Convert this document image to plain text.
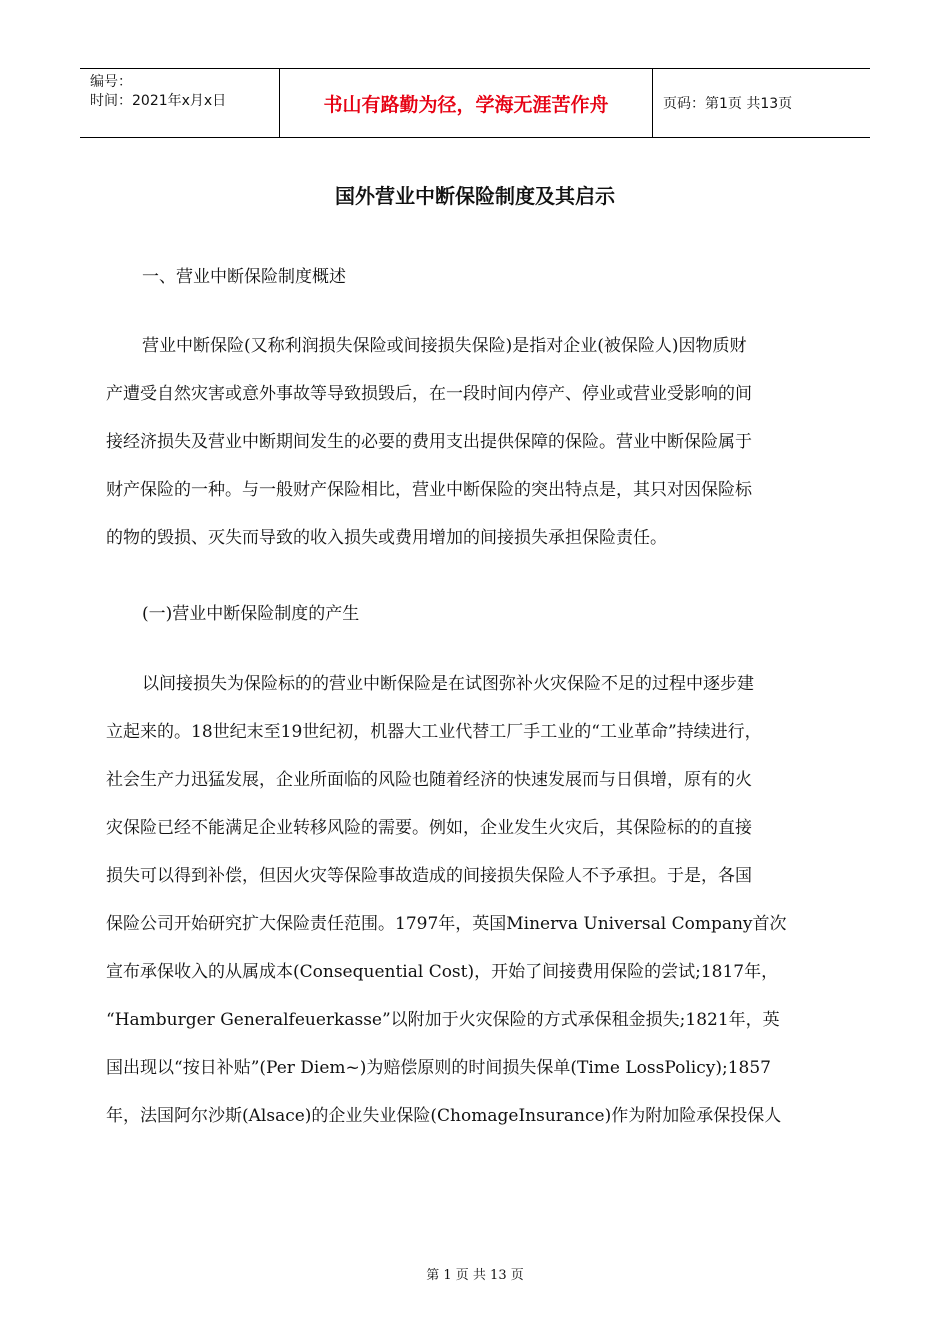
编号：
时间：2021年x月x日	书山有路勤为径，学海无涯苦作舟	页码：第1页 共13页
国外营业中断保险制度及其启示
一、营业中断保险制度概述
营业中断保险(又称利润损失保险或间接损失保险)是指对企业(被保险人)因物质财
产遭受自然灾害或意外事故等导致损毁后，在一段时间内停产、停业或营业受影响的间
接经济损失及营业中断期间发生的必要的费用支出提供保障的保险。营业中断保险属于
财产保险的一种。与一般财产保险相比，营业中断保险的突出特点是，其只对因保险标
的物的毁损、灭失而导致的收入损失或费用增加的间接损失承担保险责任。
(一)营业中断保险制度的产生
以间接损失为保险标的的营业中断保险是在试图弥补火灾保险不足的过程中逐步建
立起来的。18世纪末至19世纪初，机器大工业代替工厂手工业的“工业革命”持续进行，
社会生产力迅猛发展，企业所面临的风险也随着经济的快速发展而与日俱增，原有的火
灾保险已经不能满足企业转移风险的需要。例如，企业发生火灾后，其保险标的的直接
损失可以得到补偿，但因火灾等保险事故造成的间接损失保险人不予承担。于是，各国
保险公司开始研究扩大保险责任范围。1797年，英国Minerva Universal Company首次
宣布承保收入的从属成本(Consequential Cost)，开始了间接费用保险的尝试;1817年，
“Hamburger Generalfeuerkasse”以附加于火灾保险的方式承保租金损失;1821年，英
国出现以“按日补贴”(Per Diem~)为赔偿原则的时间损失保单(Time LossPolicy);1857
年，法国阿尔沙斯(Alsace)的企业失业保险(ChomageInsurance)作为附加险承保投保人
第 1 页 共 13 页
